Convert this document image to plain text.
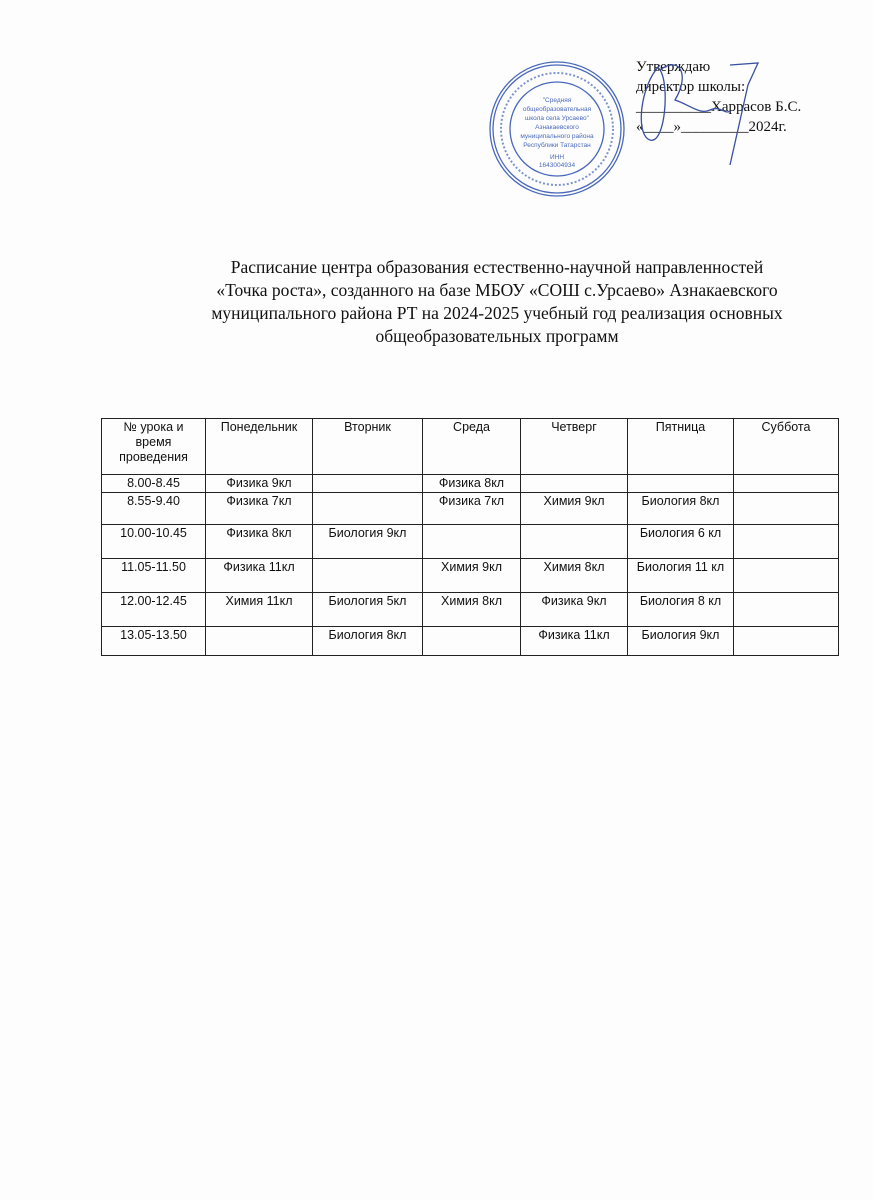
"Средняя
общеобразовательная
школа села Урсаево"
Азнакаевского
муниципального района
Республики Татарстан
ИНН
1643004934
Утверждаю
директор школы:
__________Харрасов Б.С.
«____»_________2024г.
Расписание центра образования естественно-научной направленностей
«Точка роста», созданного на базе МБОУ «СОШ с.Урсаево» Азнакаевского
муниципального района РТ на 2024-2025 учебный год реализация основных
общеобразовательных программ
№ урока и время проведения	Понедельник	Вторник	Среда	Четверг	Пятница	Суббота
8.00-8.45	Физика 9кл		Физика 8кл			
8.55-9.40	Физика 7кл		Физика 7кл	Химия 9кл	Биология 8кл	
10.00-10.45	Физика 8кл	Биология 9кл			Биология 6 кл	
11.05-11.50	Физика 11кл		Химия 9кл	Химия 8кл	Биология 11 кл	
12.00-12.45	Химия 11кл	Биология 5кл	Химия 8кл	Физика 9кл	Биология 8 кл	
13.05-13.50		Биология 8кл		Физика 11кл	Биология 9кл	
